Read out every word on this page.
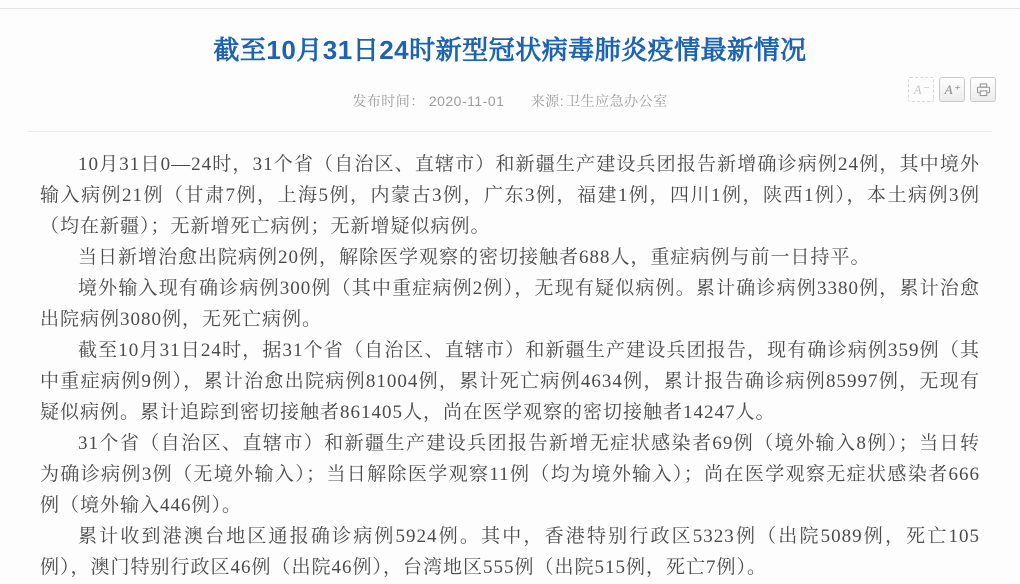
截至10月31日24时新型冠状病毒肺炎疫情最新情况
发布时间： 2020-11-01 来源: 卫生应急办公室
A⁻	A⁺

10月31日0—24时，31个省（自治区、直辖市）和新疆生产建设兵团报告新增确诊病例24例，其中境外输入病例21例（甘肃7例，上海5例，内蒙古3例，广东3例，福建1例，四川1例，陕西1例），本土病例3例（均在新疆）；无新增死亡病例；无新增疑似病例。

当日新增治愈出院病例20例，解除医学观察的密切接触者688人，重症病例与前一日持平。

境外输入现有确诊病例300例（其中重症病例2例），无现有疑似病例。累计确诊病例3380例，累计治愈出院病例3080例，无死亡病例。

截至10月31日24时，据31个省（自治区、直辖市）和新疆生产建设兵团报告，现有确诊病例359例（其中重症病例9例），累计治愈出院病例81004例，累计死亡病例4634例，累计报告确诊病例85997例，无现有疑似病例。累计追踪到密切接触者861405人，尚在医学观察的密切接触者14247人。

31个省（自治区、直辖市）和新疆生产建设兵团报告新增无症状感染者69例（境外输入8例）；当日转为确诊病例3例（无境外输入）；当日解除医学观察11例（均为境外输入）；尚在医学观察无症状感染者666例（境外输入446例）。

累计收到港澳台地区通报确诊病例5924例。其中，香港特别行政区5323例（出院5089例，死亡105例），澳门特别行政区46例（出院46例），台湾地区555例（出院515例，死亡7例）。
